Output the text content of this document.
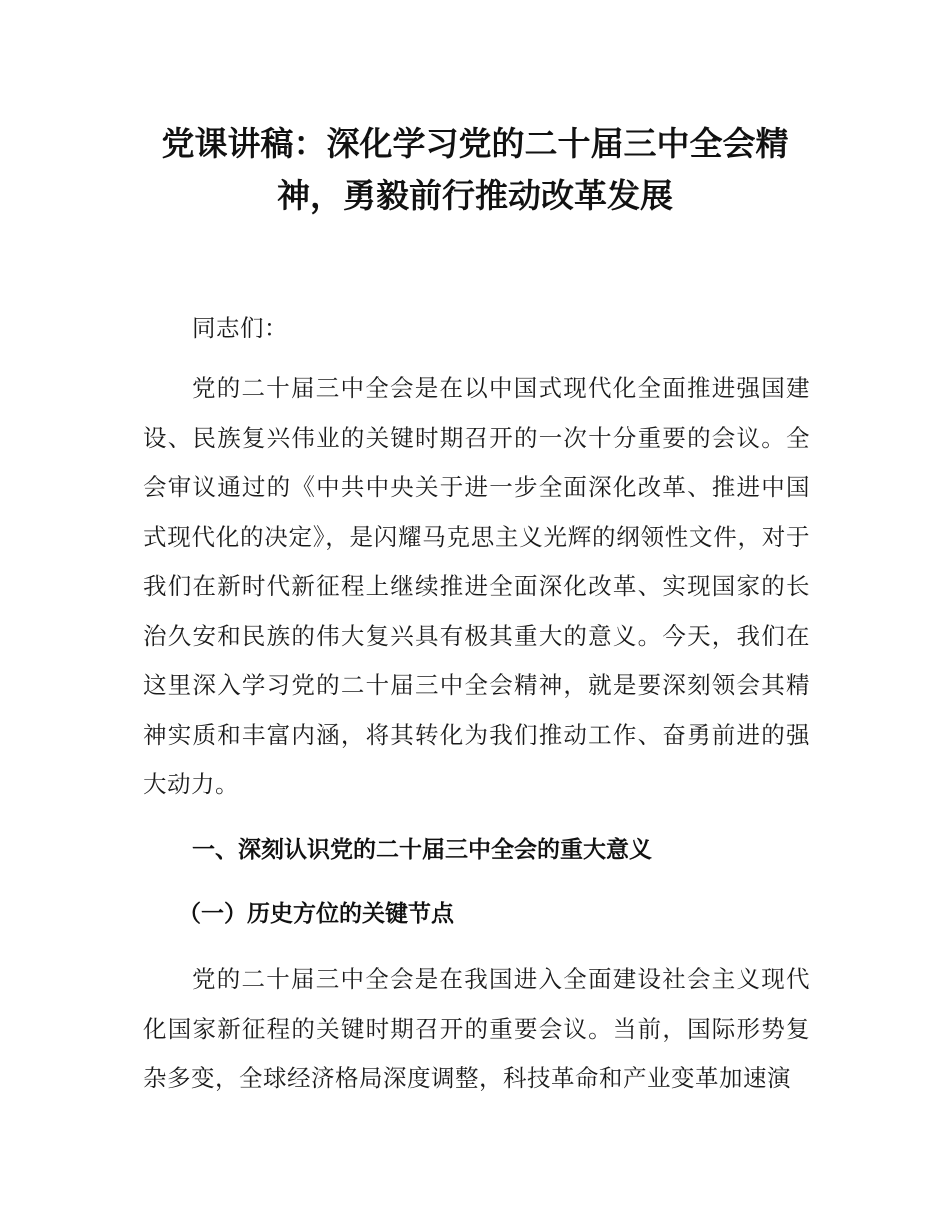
党课讲稿：深化学习党的二十届三中全会精
神，勇毅前行推动改革发展

同志们：

党的二十届三中全会是在以中国式现代化全面推进强国建设、民族复兴伟业的关键时期召开的一次十分重要的会议。全会审议通过的《中共中央关于进一步全面深化改革、推进中国式现代化的决定》，是闪耀马克思主义光辉的纲领性文件，对于我们在新时代新征程上继续推进全面深化改革、实现国家的长治久安和民族的伟大复兴具有极其重大的意义。今天，我们在这里深入学习党的二十届三中全会精神，就是要深刻领会其精神实质和丰富内涵，将其转化为我们推动工作、奋勇前进的强大动力。

一、深刻认识党的二十届三中全会的重大意义
（一）历史方位的关键节点

党的二十届三中全会是在我国进入全面建设社会主义现代化国家新征程的关键时期召开的重要会议。当前，国际形势复杂多变，全球经济格局深度调整，科技革命和产业变革加速演
